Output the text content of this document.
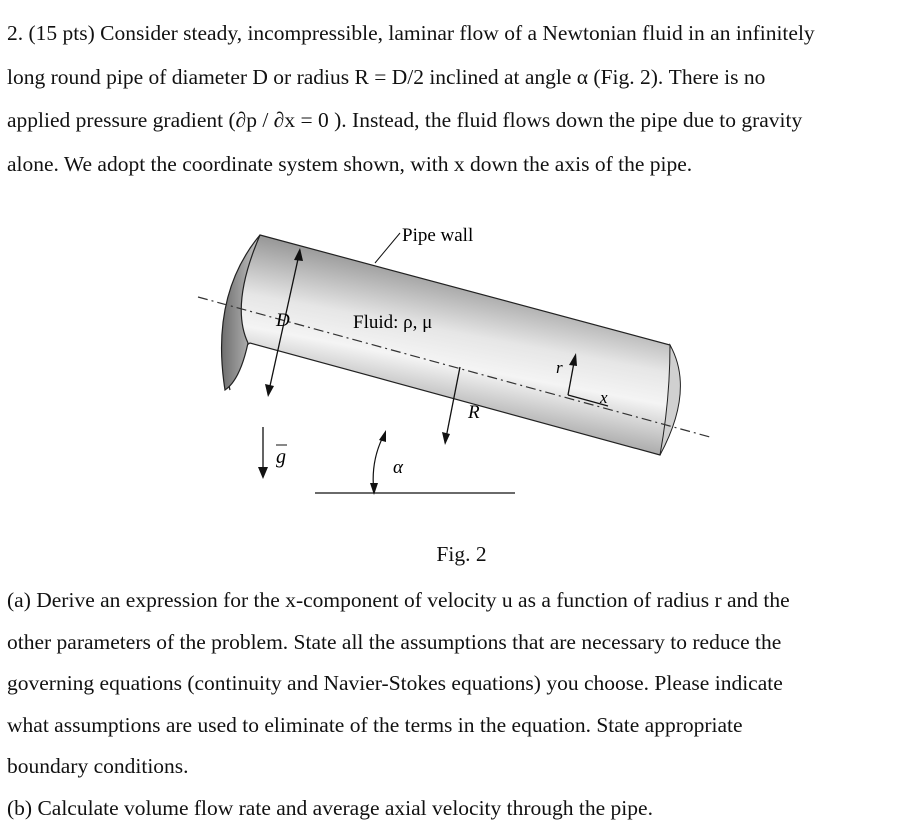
2. (15 pts) Consider steady, incompressible, laminar flow of a Newtonian fluid in an infinitely
long round pipe of diameter D or radius R = D/2 inclined at angle α (Fig. 2). There is no
applied pressure gradient (∂p / ∂x = 0 ). Instead, the fluid flows down the pipe due to gravity
alone. We adopt the coordinate system shown, with x down the axis of the pipe.
D
Pipe wall
Fluid: ρ, μ
R
r
x
g	α
Fig. 2
(a) Derive an expression for the x-component of velocity u as a function of radius r and the
other parameters of the problem. State all the assumptions that are necessary to reduce the
governing equations (continuity and Navier-Stokes equations) you choose. Please indicate
what assumptions are used to eliminate of the terms in the equation. State appropriate
boundary conditions.
(b) Calculate volume flow rate and average axial velocity through the pipe.
